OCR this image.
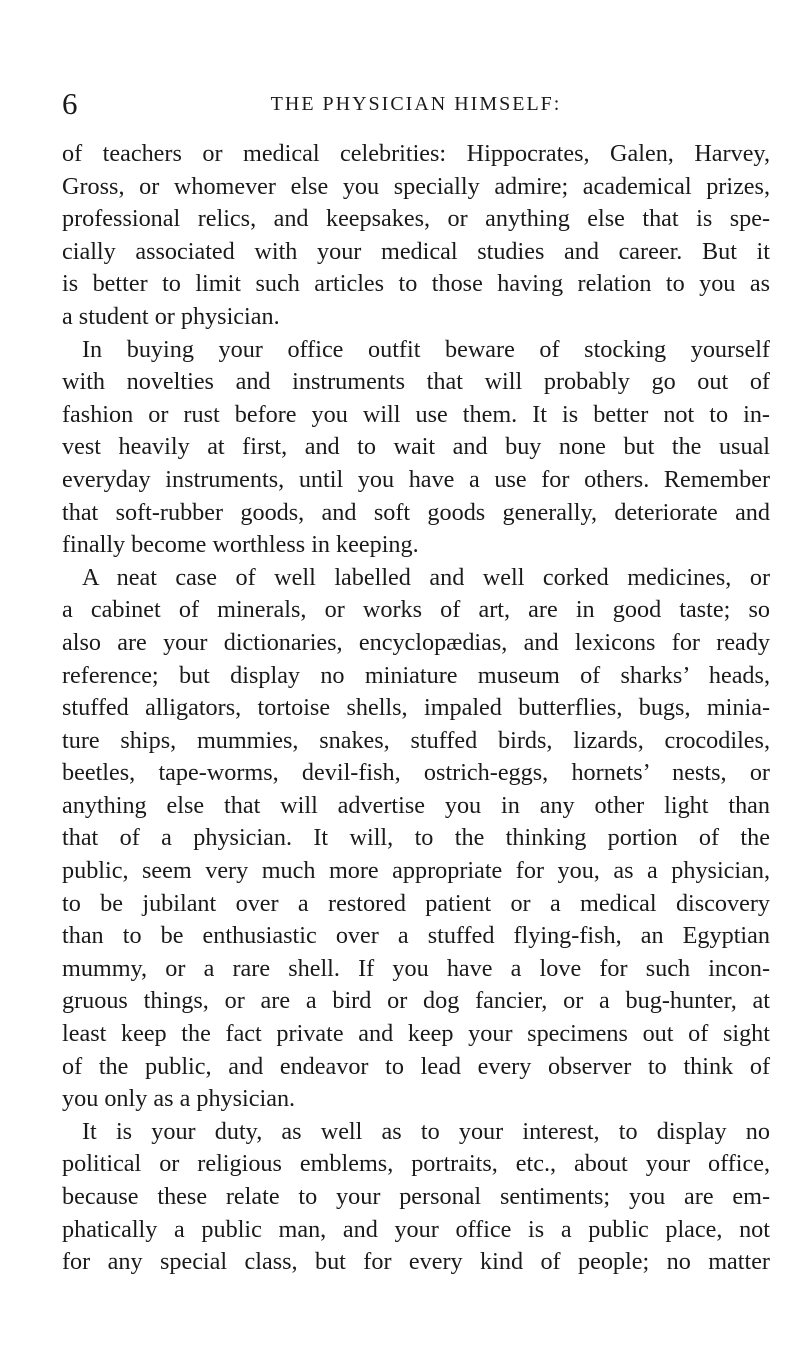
6	THE PHYSICIAN HIMSELF:
of teachers or medical celebrities: Hippocrates, Galen, Harvey,
Gross, or whomever else you specially admire; academical prizes,
professional relics, and keepsakes, or anything else that is spe-
cially associated with your medical studies and career. But it
is better to limit such articles to those having relation to you as
a student or physician.
In buying your office outfit beware of stocking yourself
with novelties and instruments that will probably go out of
fashion or rust before you will use them. It is better not to in-
vest heavily at first, and to wait and buy none but the usual
everyday instruments, until you have a use for others. Remember
that soft-rubber goods, and soft goods generally, deteriorate and
finally become worthless in keeping.
A neat case of well labelled and well corked medicines, or
a cabinet of minerals, or works of art, are in good taste; so
also are your dictionaries, encyclopædias, and lexicons for ready
reference; but display no miniature museum of sharks’ heads,
stuffed alligators, tortoise shells, impaled butterflies, bugs, minia-
ture ships, mummies, snakes, stuffed birds, lizards, crocodiles,
beetles, tape-worms, devil-fish, ostrich-eggs, hornets’ nests, or
anything else that will advertise you in any other light than
that of a physician. It will, to the thinking portion of the
public, seem very much more appropriate for you, as a physician,
to be jubilant over a restored patient or a medical discovery
than to be enthusiastic over a stuffed flying-fish, an Egyptian
mummy, or a rare shell. If you have a love for such incon-
gruous things, or are a bird or dog fancier, or a bug-hunter, at
least keep the fact private and keep your specimens out of sight
of the public, and endeavor to lead every observer to think of
you only as a physician.
It is your duty, as well as to your interest, to display no
political or religious emblems, portraits, etc., about your office,
because these relate to your personal sentiments; you are em-
phatically a public man, and your office is a public place, not
for any special class, but for every kind of people; no matter
